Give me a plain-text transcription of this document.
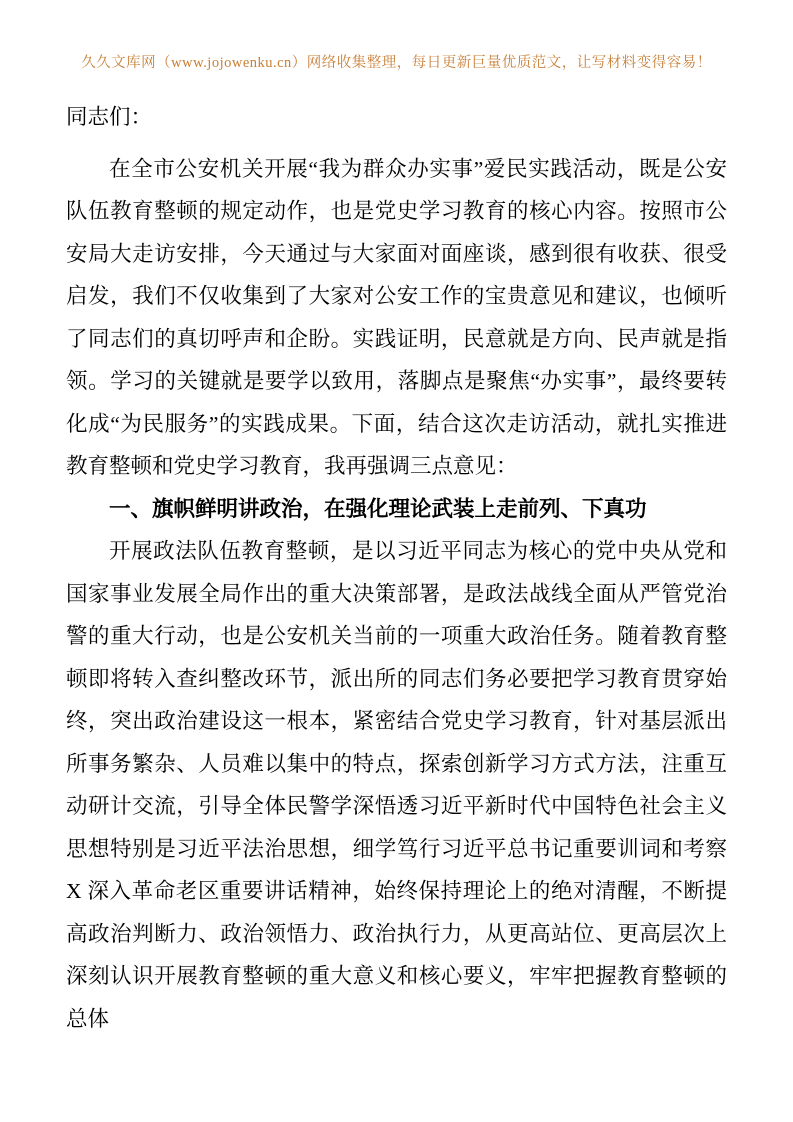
久久文库网（www.jojowenku.cn）网络收集整理，每日更新巨量优质范文，让写材料变得容易！

同志们：

在全市公安机关开展“我为群众办实事”爱民实践活动，既是公安队伍教育整顿的规定动作，也是党史学习教育的核心内容。按照市公安局大走访安排，今天通过与大家面对面座谈，感到很有收获、很受启发，我们不仅收集到了大家对公安工作的宝贵意见和建议，也倾听了同志们的真切呼声和企盼。实践证明，民意就是方向、民声就是指领。学习的关键就是要学以致用，落脚点是聚焦“办实事”，最终要转化成“为民服务”的实践成果。下面，结合这次走访活动，就扎实推进教育整顿和党史学习教育，我再强调三点意见：

一、旗帜鲜明讲政治，在强化理论武装上走前列、下真功

开展政法队伍教育整顿，是以习近平同志为核心的党中央从党和国家事业发展全局作出的重大决策部署，是政法战线全面从严管党治警的重大行动，也是公安机关当前的一项重大政治任务。随着教育整顿即将转入查纠整改环节，派出所的同志们务必要把学习教育贯穿始终，突出政治建设这一根本，紧密结合党史学习教育，针对基层派出所事务繁杂、人员难以集中的特点，探索创新学习方式方法，注重互动研计交流，引导全体民警学深悟透习近平新时代中国特色社会主义思想特别是习近平法治思想，细学笃行习近平总书记重要训词和考察 X 深入革命老区重要讲话精神，始终保持理论上的绝对清醒，不断提高政治判断力、政治领悟力、政治执行力，从更高站位、更高层次上深刻认识开展教育整顿的重大意义和核心要义，牢牢把握教育整顿的总体
